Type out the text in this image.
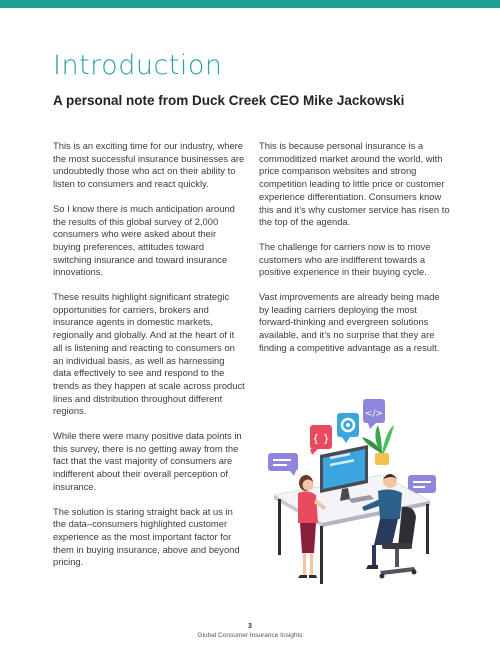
Introduction
A personal note from Duck Creek CEO Mike Jackowski

This is an exciting time for our industry, where the most successful insurance businesses are undoubtedly those who act on their ability to listen to consumers and react quickly.

So I know there is much anticipation around the results of this global survey of 2,000 consumers who were asked about their buying preferences, attitudes toward switching insurance and toward insurance innovations.

These results highlight significant strategic opportunities for carriers, brokers and insurance agents in domestic markets, regionally and globally. And at the heart of it all is listening and reacting to consumers on an individual basis, as well as harnessing data effectively to see and respond to the trends as they happen at scale across product lines and distribution throughout different regions.

While there were many positive data points in this survey, there is no getting away from the fact that the vast majority of consumers are indifferent about their overall perception of insurance.

The solution is staring straight back at us in the data–consumers highlighted customer experience as the most important factor for them in buying insurance, above and beyond pricing.

This is because personal insurance is a commoditized market around the world, with price comparison websites and strong competition leading to little price or customer experience differentiation. Consumers know this and it’s why customer service has risen to the top of the agenda.

The challenge for carriers now is to move customers who are indifferent towards a positive experience in their buying cycle.

Vast improvements are already being made by leading carriers deploying the most forward-thinking and evergreen solutions available, and it’s no surprise that they are finding a competitive advantage as a result.

{ }
</>
3
Global Consumer Insurance Insights
